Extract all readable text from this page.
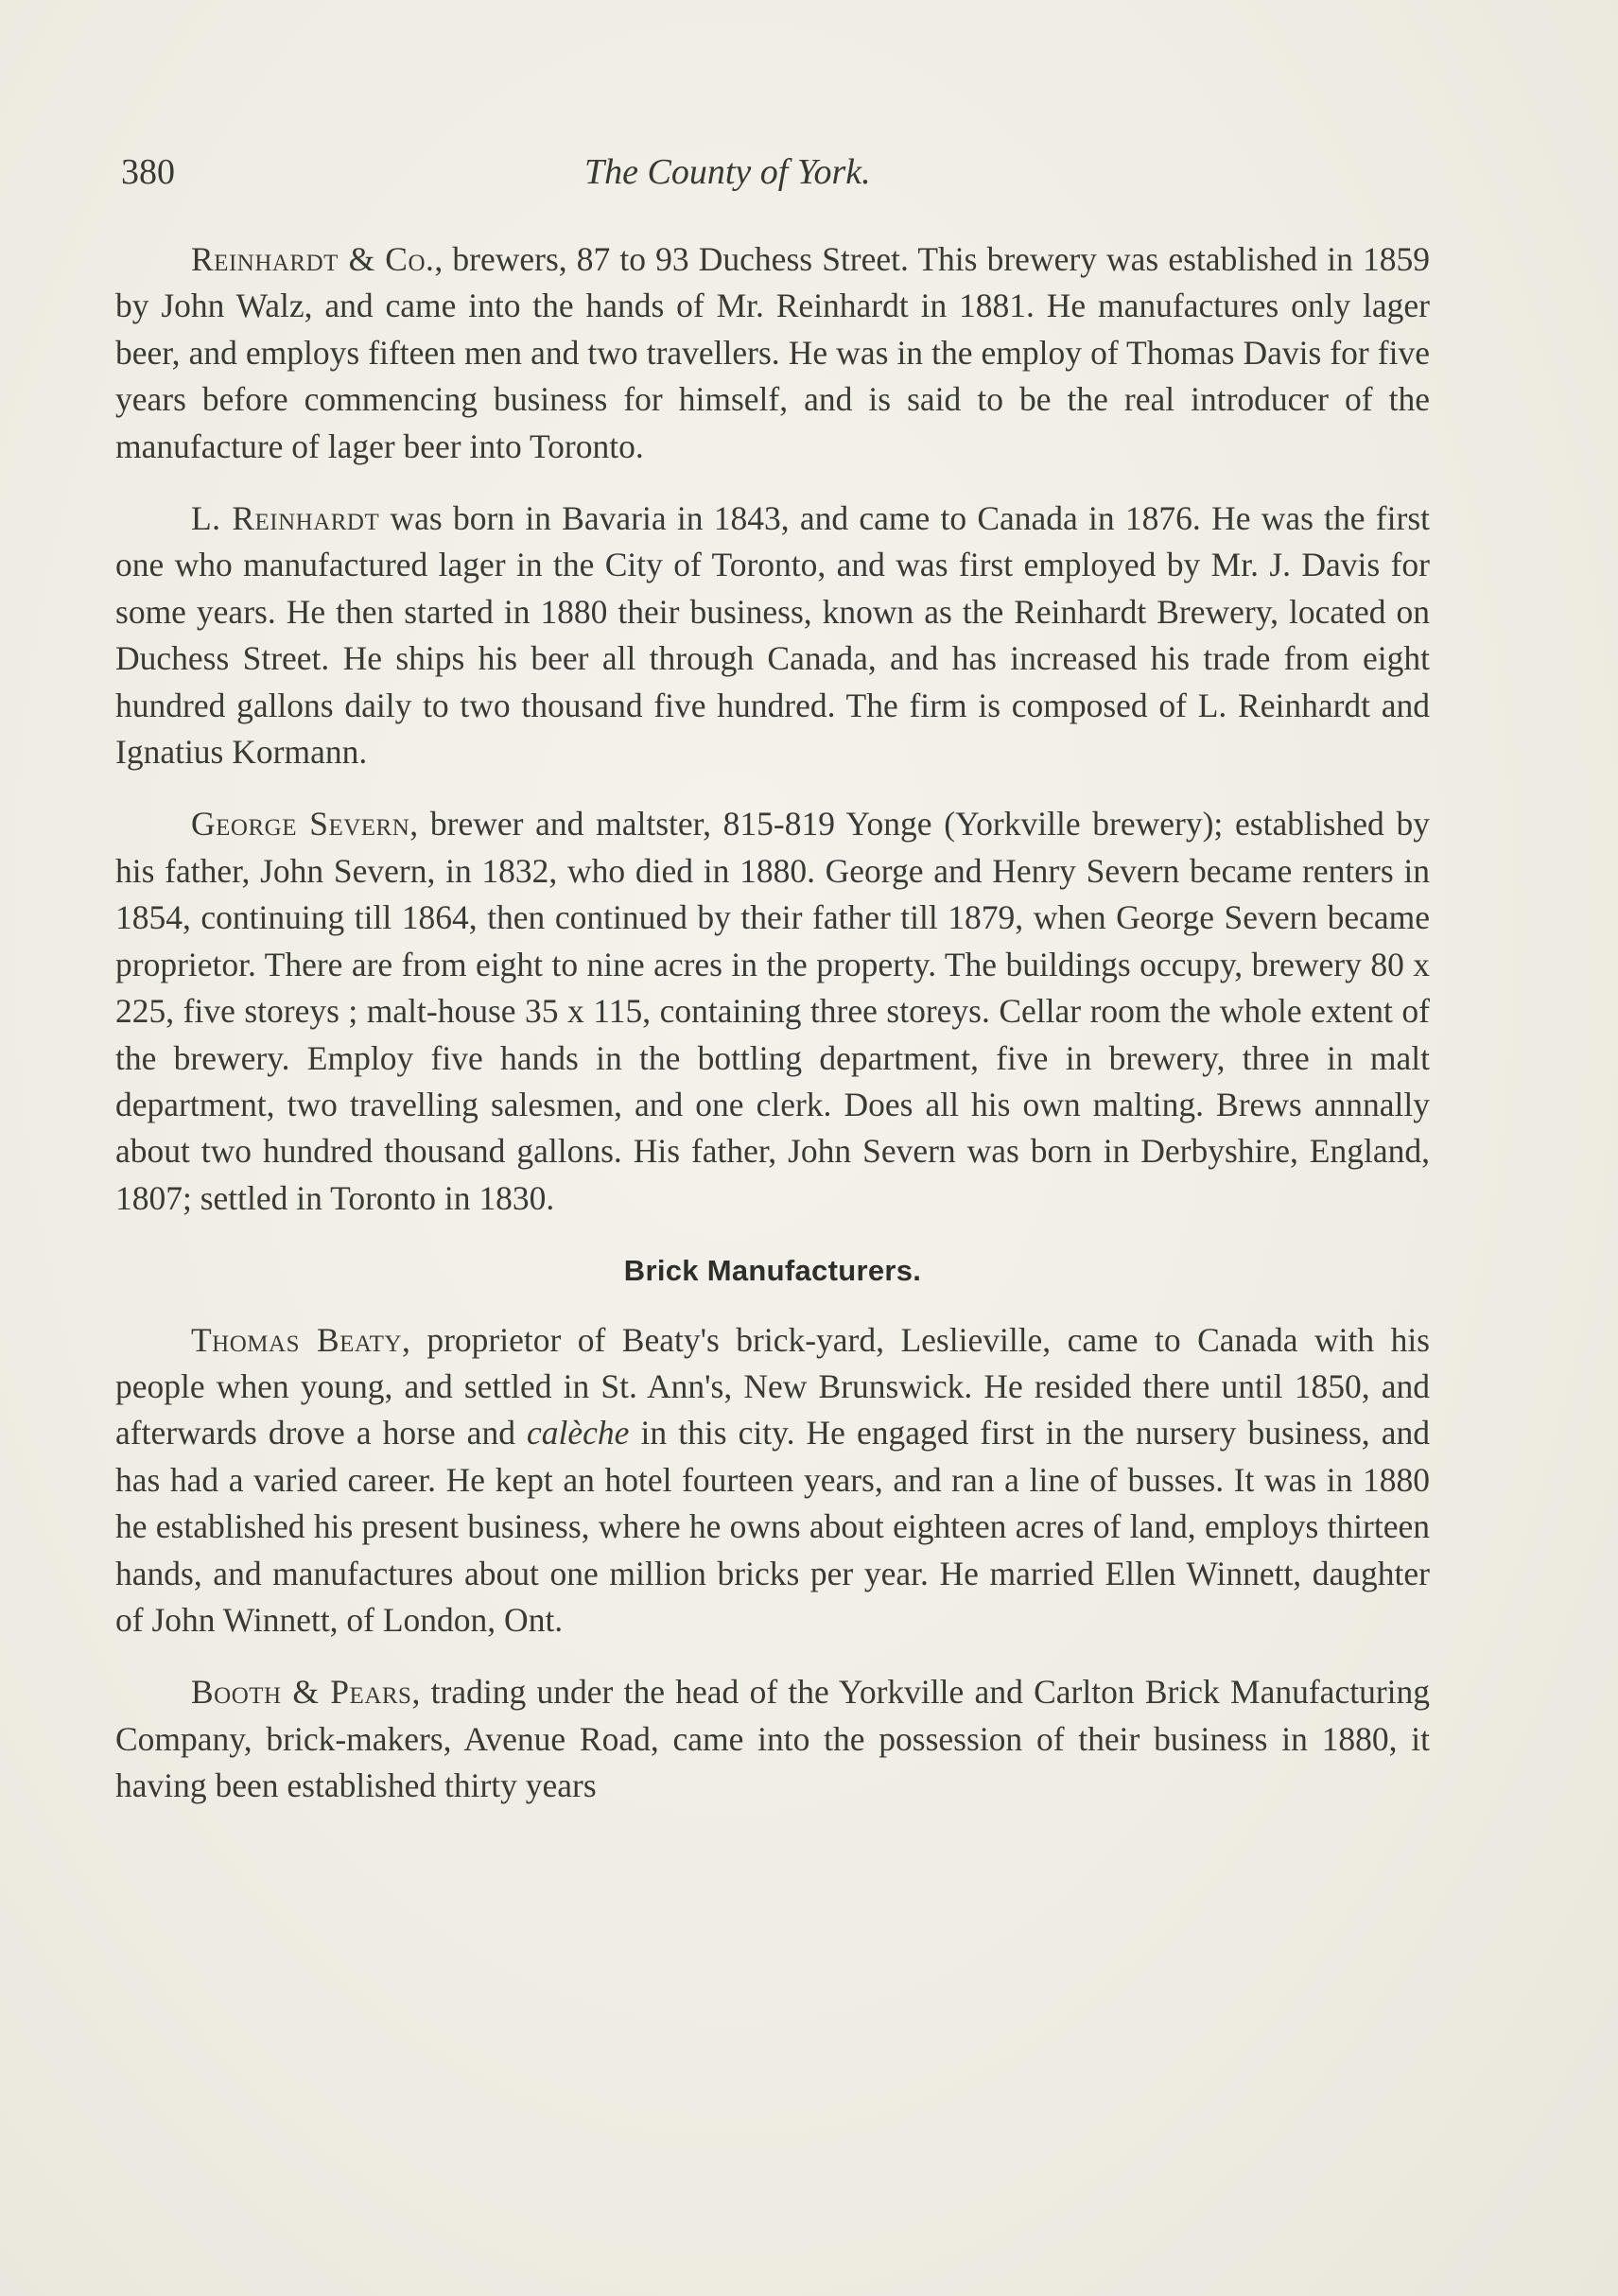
380	The County of York.

Reinhardt & Co., brewers, 87 to 93 Duchess Street. This brewery was established in 1859 by John Walz, and came into the hands of Mr. Reinhardt in 1881. He manufactures only lager beer, and employs fifteen men and two travellers. He was in the employ of Thomas Davis for five years before commencing business for himself, and is said to be the real introducer of the manufacture of lager beer into Toronto.

L. Reinhardt was born in Bavaria in 1843, and came to Canada in 1876. He was the first one who manufactured lager in the City of Toronto, and was first employed by Mr. J. Davis for some years. He then started in 1880 their business, known as the Reinhardt Brewery, located on Duchess Street. He ships his beer all through Canada, and has increased his trade from eight hundred gallons daily to two thousand five hundred. The firm is composed of L. Reinhardt and Ignatius Kormann.

George Severn, brewer and maltster, 815-819 Yonge (Yorkville brewery); established by his father, John Severn, in 1832, who died in 1880. George and Henry Severn became renters in 1854, continuing till 1864, then continued by their father till 1879, when George Severn became proprietor. There are from eight to nine acres in the property. The buildings occupy, brewery 80 x 225, five storeys ; malt-house 35 x 115, containing three storeys. Cellar room the whole extent of the brewery. Employ five hands in the bottling department, five in brewery, three in malt department, two travelling salesmen, and one clerk. Does all his own malting. Brews annnally about two hundred thousand gallons. His father, John Severn was born in Derbyshire, England, 1807; settled in Toronto in 1830.

Brick Manufacturers.

Thomas Beaty, proprietor of Beaty's brick-yard, Leslieville, came to Canada with his people when young, and settled in St. Ann's, New Brunswick. He resided there until 1850, and afterwards drove a horse and calèche in this city. He engaged first in the nursery business, and has had a varied career. He kept an hotel fourteen years, and ran a line of busses. It was in 1880 he established his present business, where he owns about eighteen acres of land, employs thirteen hands, and manufactures about one million bricks per year. He married Ellen Winnett, daughter of John Winnett, of London, Ont.

Booth & Pears, trading under the head of the Yorkville and Carlton Brick Manufacturing Company, brick-makers, Avenue Road, came into the possession of their business in 1880, it having been established thirty years
